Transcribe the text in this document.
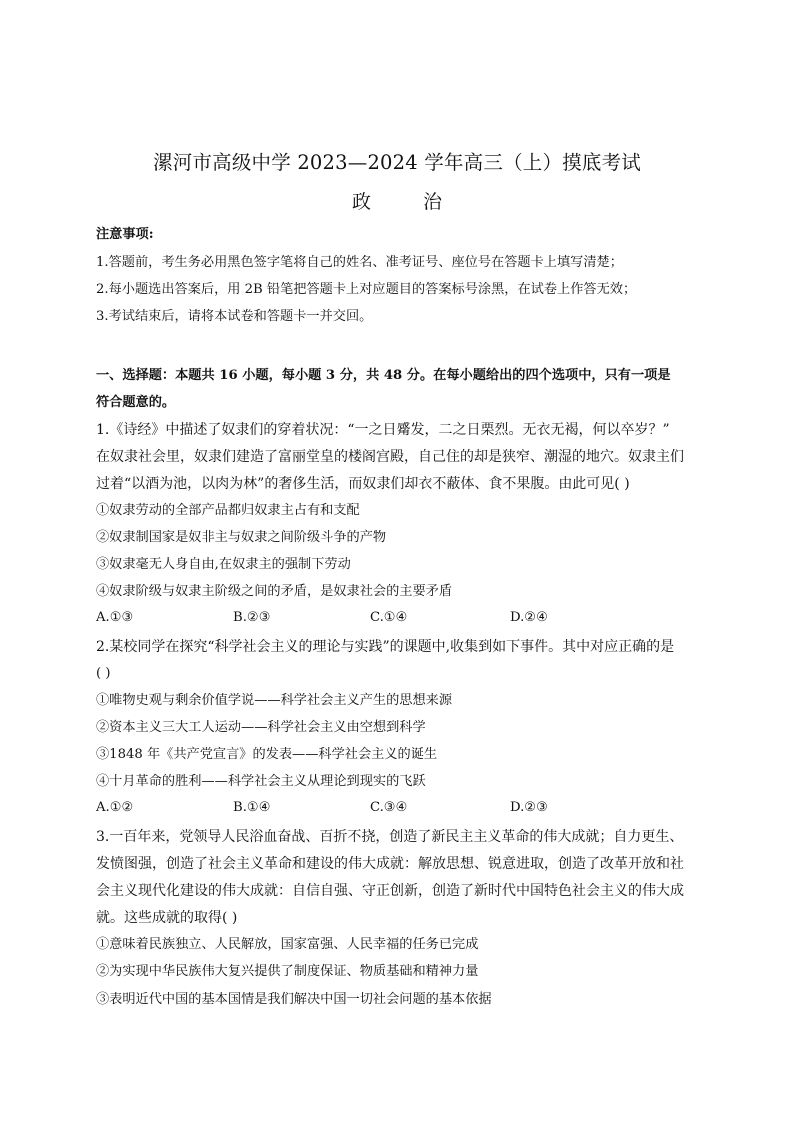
漯河市高级中学 2023—2024 学年高三（上）摸底考试
政	治
注意事项:
1.答题前，考生务必用黑色签字笔将自己的姓名、准考证号、座位号在答题卡上填写清楚；
2.每小题选出答案后，用 2B 铅笔把答题卡上对应题目的答案标号涂黑，在试卷上作答无效；
3.考试结束后，请将本试卷和答题卡一并交回。
一、选择题：本题共 16 小题，每小题 3 分，共 48 分。在每小题给出的四个选项中，只有一项是
符合题意的。
1.《诗经》中描述了奴隶们的穿着状况：“一之日觱发，二之日栗烈。无衣无褐，何以卒岁？”
在奴隶社会里，奴隶们建造了富丽堂皇的楼阁宫殿，自己住的却是狭窄、潮湿的地穴。奴隶主们
过着“以酒为池，以肉为林”的奢侈生活，而奴隶们却衣不蔽体、食不果腹。由此可见( )
①奴隶劳动的全部产品都归奴隶主占有和支配
②奴隶制国家是奴非主与奴隶之间阶级斗争的产物
③奴隶毫无人身自由,在奴隶主的强制下劳动
④奴隶阶级与奴隶主阶级之间的矛盾，是奴隶社会的主要矛盾
A.①③	B.②③	C.①④	D.②④
2.某校同学在探究“科学社会主义的理论与实践”的课题中,收集到如下事件。其中对应正确的是
( )
①唯物史观与剩余价值学说——科学社会主义产生的思想来源
②资本主义三大工人运动——科学社会主义由空想到科学
③1848 年《共产党宣言》的发表——科学社会主义的诞生
④十月革命的胜利——科学社会主义从理论到现实的飞跃
A.①②	B.①④	C.③④	D.②③
3.一百年来，党领导人民浴血奋战、百折不挠，创造了新民主主义革命的伟大成就；自力更生、
发愤图强，创造了社会主义革命和建设的伟大成就：解放思想、锐意进取，创造了改革开放和社
会主义现代化建设的伟大成就：自信自强、守正创新，创造了新时代中国特色社会主义的伟大成
就。这些成就的取得( )
①意味着民族独立、人民解放，国家富强、人民幸福的任务已完成
②为实现中华民族伟大复兴提供了制度保证、物质基础和精神力量
③表明近代中国的基本国情是我们解决中国一切社会问题的基本依据
